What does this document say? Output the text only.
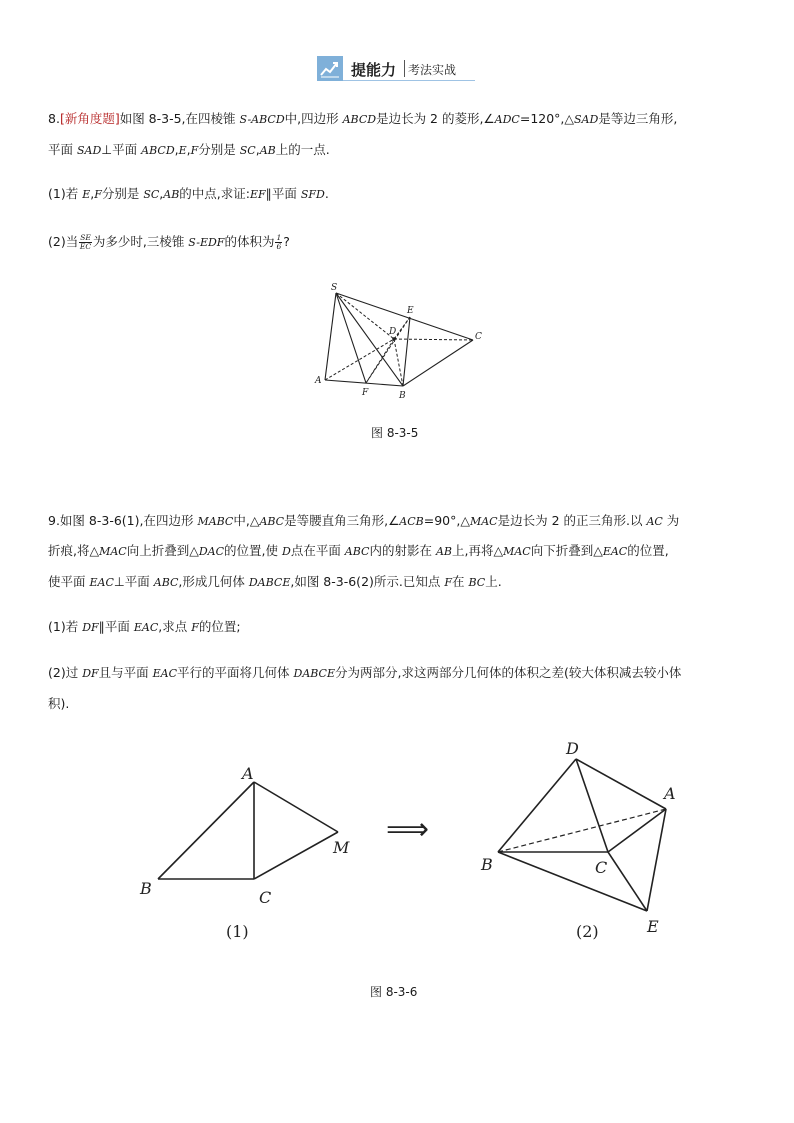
提能力 考法实战
8.[新角度题]如图 8-3-5,在四棱锥 S-ABCD中,四边形 ABCD是边长为 2 的菱形,∠ADC=120°,△SAD是等边三角形,
平面 SAD⊥平面 ABCD,E,F分别是 SC,AB上的一点.
(1)若 E,F分别是 SC,AB的中点,求证:EF∥平面 SFD.
(2)当 $\frac{SE}{EC}$ 为多少时,三棱锥 S-EDF的体积为 $\frac{1}{6}$ ?
S
E
D	C
A
F	B
图 8-3-5
9.如图 8-3-6(1),在四边形 MABC中,△ABC是等腰直角三角形,∠ACB=90°,△MAC是边长为 2 的正三角形.以 AC 为
折痕,将△MAC向上折叠到△DAC的位置,使 D点在平面 ABC内的射影在 AB上,再将△MAC向下折叠到△EAC的位置,
使平面 EAC⊥平面 ABC,形成几何体 DABCE,如图 8-3-6(2)所示.已知点 F在 BC上.
(1)若 DF∥平面 EAC,求点 F的位置;
(2)过 DF且与平面 EAC平行的平面将几何体 DABCE分为两部分,求这两部分几何体的体积之差(较大体积减去较小体
积).
A
B	C
M
(1)
⟹
D
A
B	C
E
(2)
图 8-3-6
